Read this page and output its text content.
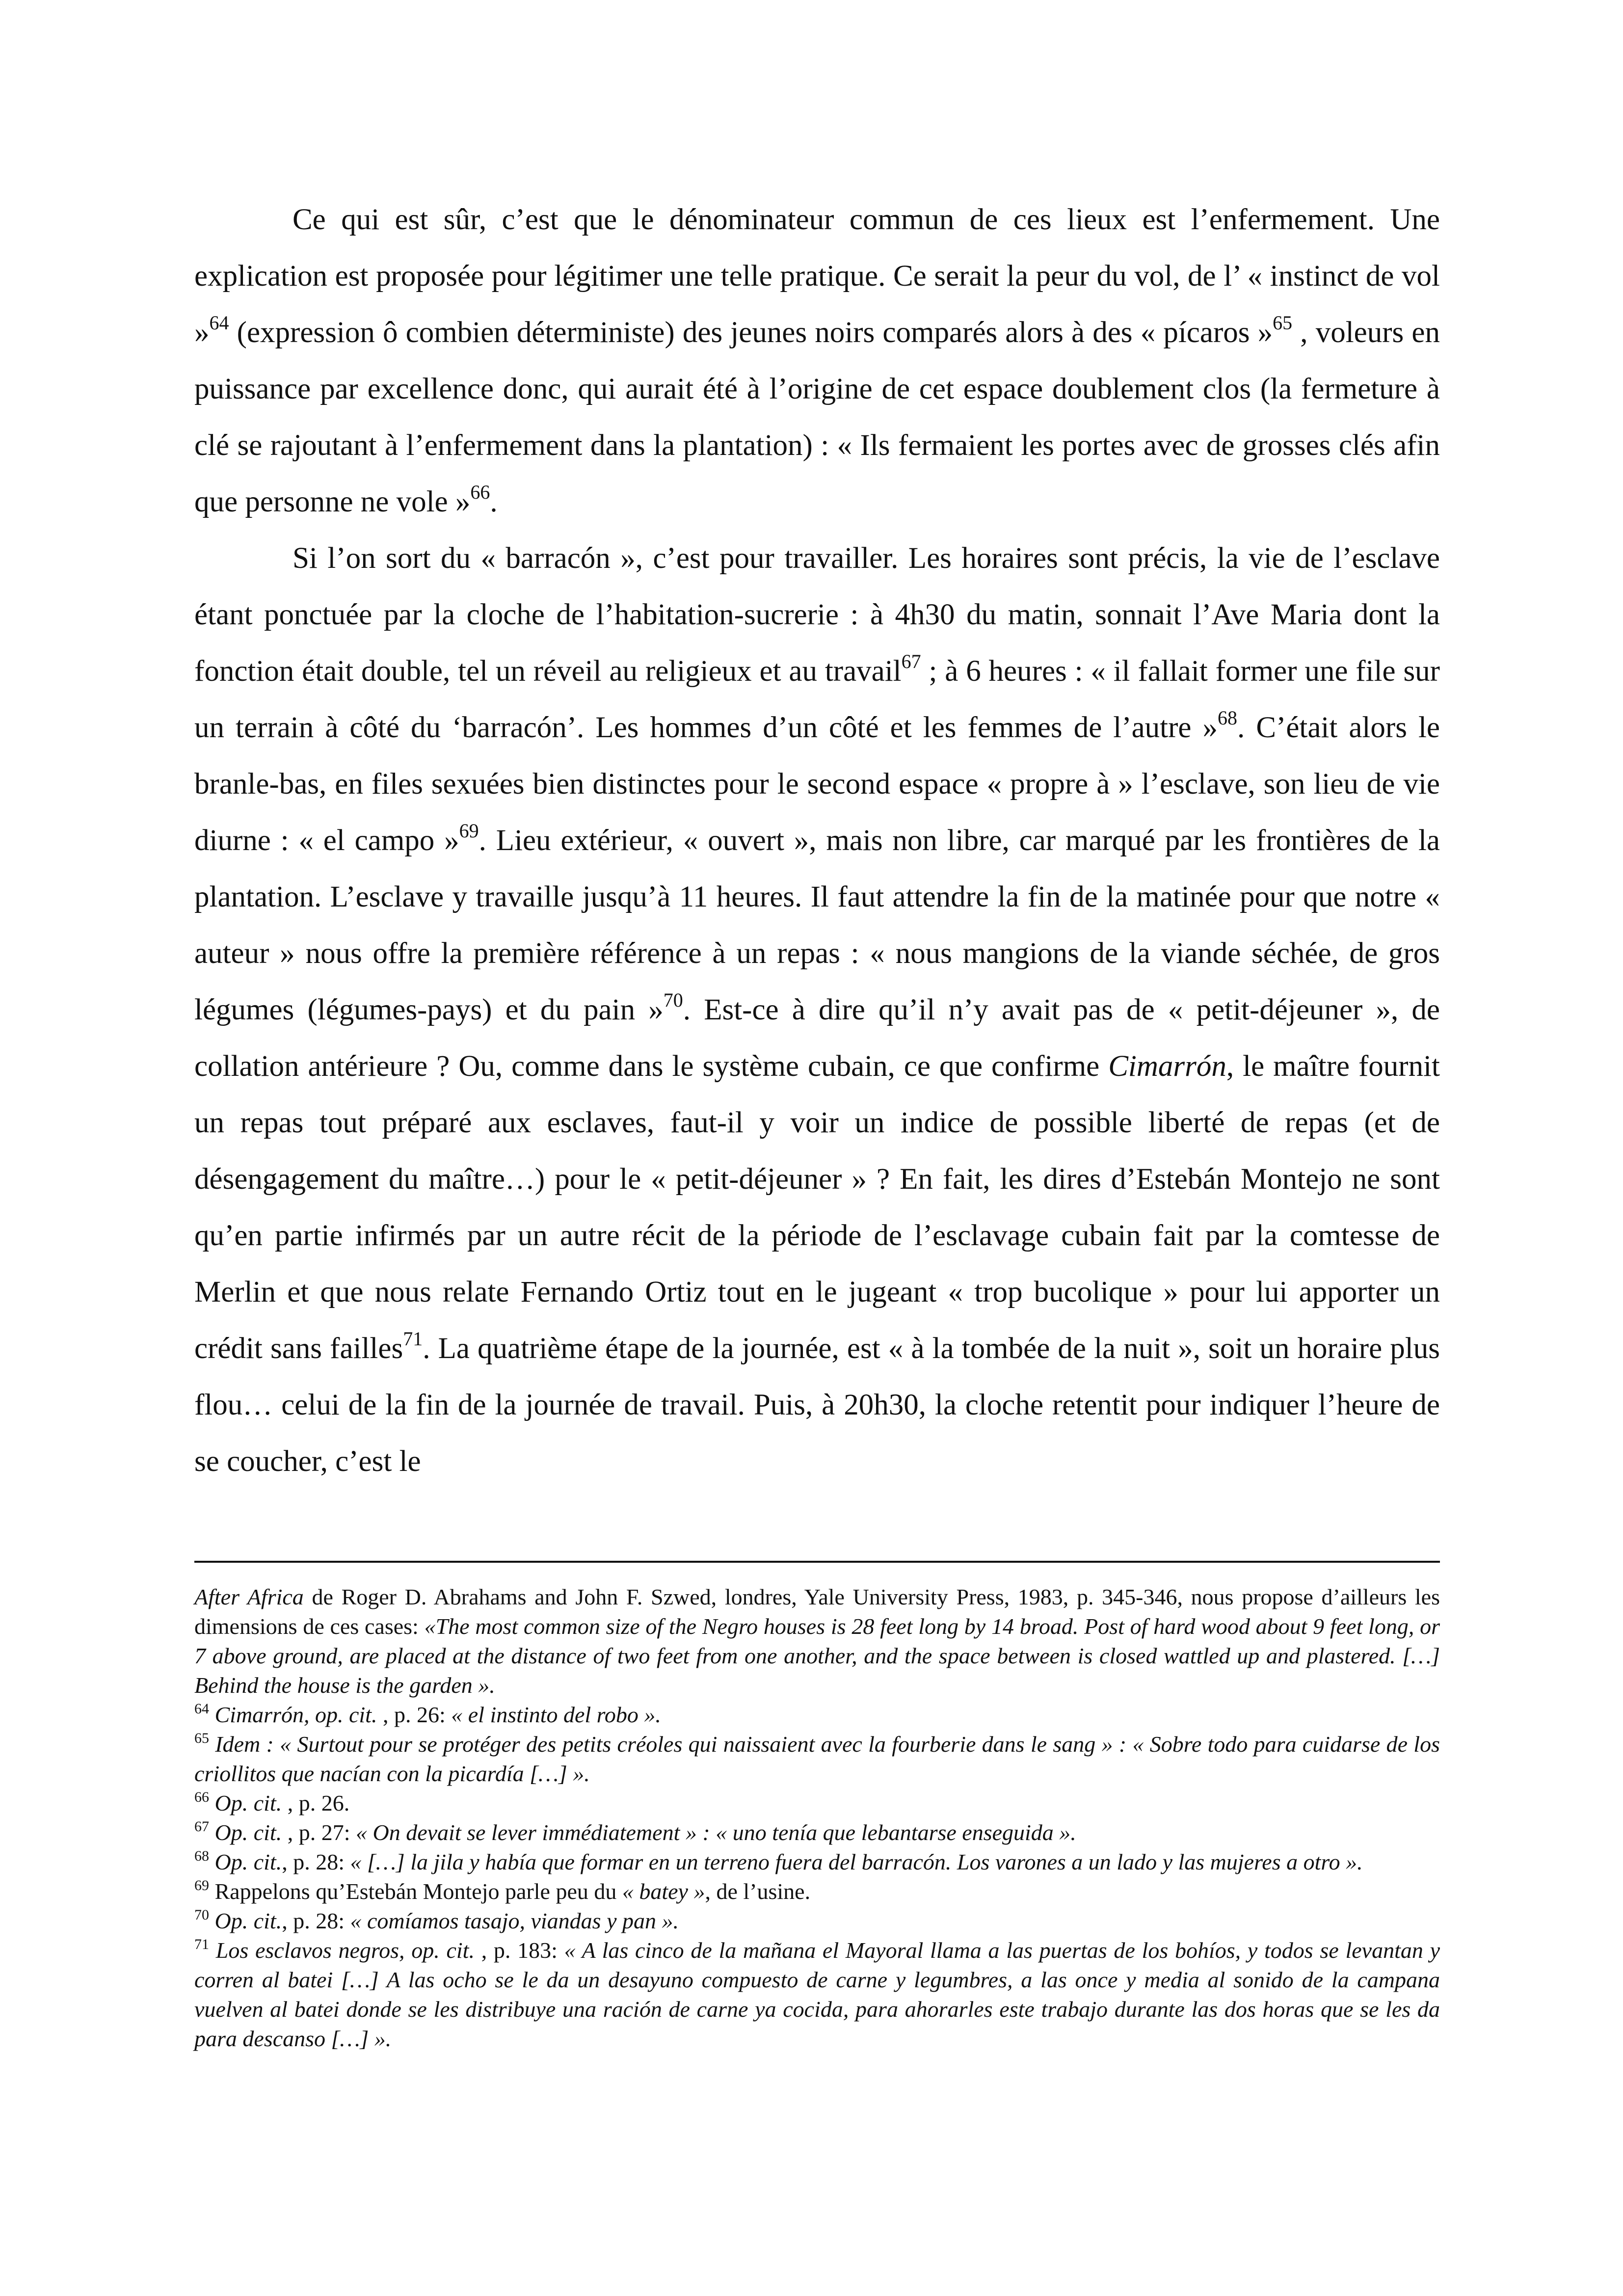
Ce qui est sûr, c’est que le dénominateur commun de ces lieux est l’enfermement. Une explication est proposée pour légitimer une telle pratique. Ce serait la peur du vol, de l’ « instinct de vol »$^{64}$ (expression ô combien déterministe) des jeunes noirs comparés alors à des « pícaros »$^{65}$ , voleurs en puissance par excellence donc, qui aurait été à l’origine de cet espace doublement clos (la fermeture à clé se rajoutant à l’enfermement dans la plantation) : « Ils fermaient les portes avec de grosses clés afin que personne ne vole »$^{66}$.

Si l’on sort du « barracón », c’est pour travailler. Les horaires sont précis, la vie de l’esclave étant ponctuée par la cloche de l’habitation-sucrerie : à 4h30 du matin, sonnait l’Ave Maria dont la fonction était double, tel un réveil au religieux et au travail$^{67}$ ; à 6 heures : « il fallait former une file sur un terrain à côté du ‘barracón’. Les hommes d’un côté et les femmes de l’autre »$^{68}$. C’était alors le branle-bas, en files sexuées bien distinctes pour le second espace « propre à » l’esclave, son lieu de vie diurne : « el campo »$^{69}$. Lieu extérieur, « ouvert », mais non libre, car marqué par les frontières de la plantation. L’esclave y travaille jusqu’à 11 heures. Il faut attendre la fin de la matinée pour que notre « auteur » nous offre la première référence à un repas : « nous mangions de la viande séchée, de gros légumes (légumes-pays) et du pain »$^{70}$. Est-ce à dire qu’il n’y avait pas de « petit-déjeuner », de collation antérieure ? Ou, comme dans le système cubain, ce que confirme Cimarrón, le maître fournit un repas tout préparé aux esclaves, faut-il y voir un indice de possible liberté de repas (et de désengagement du maître…) pour le « petit-déjeuner » ? En fait, les dires d’Estebán Montejo ne sont qu’en partie infirmés par un autre récit de la période de l’esclavage cubain fait par la comtesse de Merlin et que nous relate Fernando Ortiz tout en le jugeant « trop bucolique » pour lui apporter un crédit sans failles$^{71}$. La quatrième étape de la journée, est « à la tombée de la nuit », soit un horaire plus flou… celui de la fin de la journée de travail. Puis, à 20h30, la cloche retentit pour indiquer l’heure de se coucher, c’est le

After Africa de Roger D. Abrahams and John F. Szwed, londres, Yale University Press, 1983, p. 345-346, nous propose d’ailleurs les dimensions de ces cases: «The most common size of the Negro houses is 28 feet long by 14 broad. Post of hard wood about 9 feet long, or 7 above ground, are placed at the distance of two feet from one another, and the space between is closed wattled up and plastered. […] Behind the house is the garden ».

$^{64}$ Cimarrón, op. cit. , p. 26: « el instinto del robo ».

$^{65}$ Idem : « Surtout pour se protéger des petits créoles qui naissaient avec la fourberie dans le sang » : « Sobre todo para cuidarse de los criollitos que nacían con la picardía […] ».

$^{66}$ Op. cit. , p. 26.

$^{67}$ Op. cit. , p. 27: « On devait se lever immédiatement » : « uno tenía que lebantarse enseguida ».

$^{68}$ Op. cit., p. 28: « […] la jila y había que formar en un terreno fuera del barracón. Los varones a un lado y las mujeres a otro ».

$^{69}$ Rappelons qu’Estebán Montejo parle peu du « batey », de l’usine.

$^{70}$ Op. cit., p. 28: « comíamos tasajo, viandas y pan ».

$^{71}$ Los esclavos negros, op. cit. , p. 183: « A las cinco de la mañana el Mayoral llama a las puertas de los bohíos, y todos se levantan y corren al batei […] A las ocho se le da un desayuno compuesto de carne y legumbres, a las once y media al sonido de la campana vuelven al batei donde se les distribuye una ración de carne ya cocida, para ahorarles este trabajo durante las dos horas que se les da para descanso […] ».
